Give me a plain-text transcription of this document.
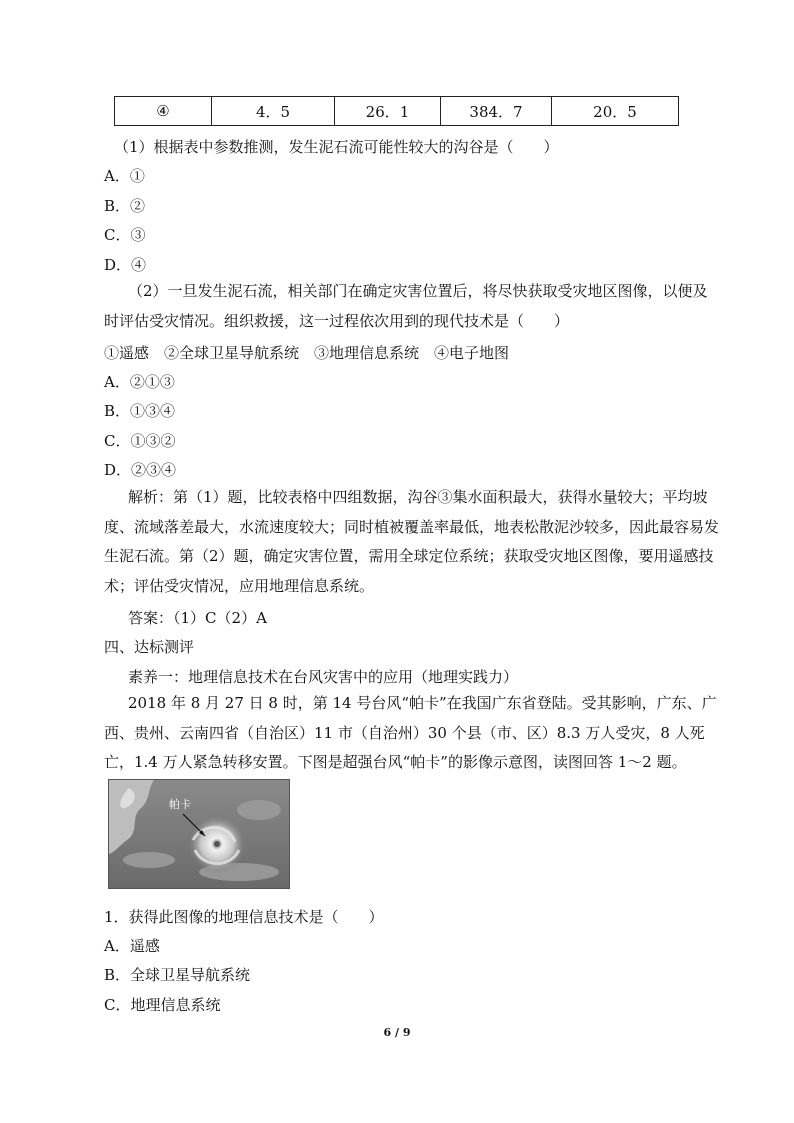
④	4．5	26．1	384．7	20．5
（1）根据表中参数推测，发生泥石流可能性较大的沟谷是（　　）
A．①
B．②
C．③
D．④
（2）一旦发生泥石流，相关部门在确定灾害位置后，将尽快获取受灾地区图像，以便及时评估受灾情况。组织救援，这一过程依次用到的现代技术是（　　）
①遥感　②全球卫星导航系统　③地理信息系统　④电子地图
A．②①③
B．①③④
C．①③②
D．②③④
解析：第（1）题，比较表格中四组数据，沟谷③集水面积最大，获得水量较大；平均坡度、流域落差最大，水流速度较大；同时植被覆盖率最低，地表松散泥沙较多，因此最容易发生泥石流。第（2）题，确定灾害位置，需用全球定位系统；获取受灾地区图像，要用遥感技术；评估受灾情况，应用地理信息系统。
答案：（1）C（2）A
四、达标测评
素养一：地理信息技术在台风灾害中的应用（地理实践力）
2018 年 8 月 27 日 8 时，第 14 号台风“帕卡”在我国广东省登陆。受其影响，广东、广西、贵州、云南四省（自治区）11 市（自治州）30 个县（市、区）8.3 万人受灾，8 人死亡，1.4 万人紧急转移安置。下图是超强台风“帕卡”的影像示意图，读图回答 1～2 题。
帕卡
1．获得此图像的地理信息技术是（　　）
A．遥感
B．全球卫星导航系统
C．地理信息系统
6 / 9
